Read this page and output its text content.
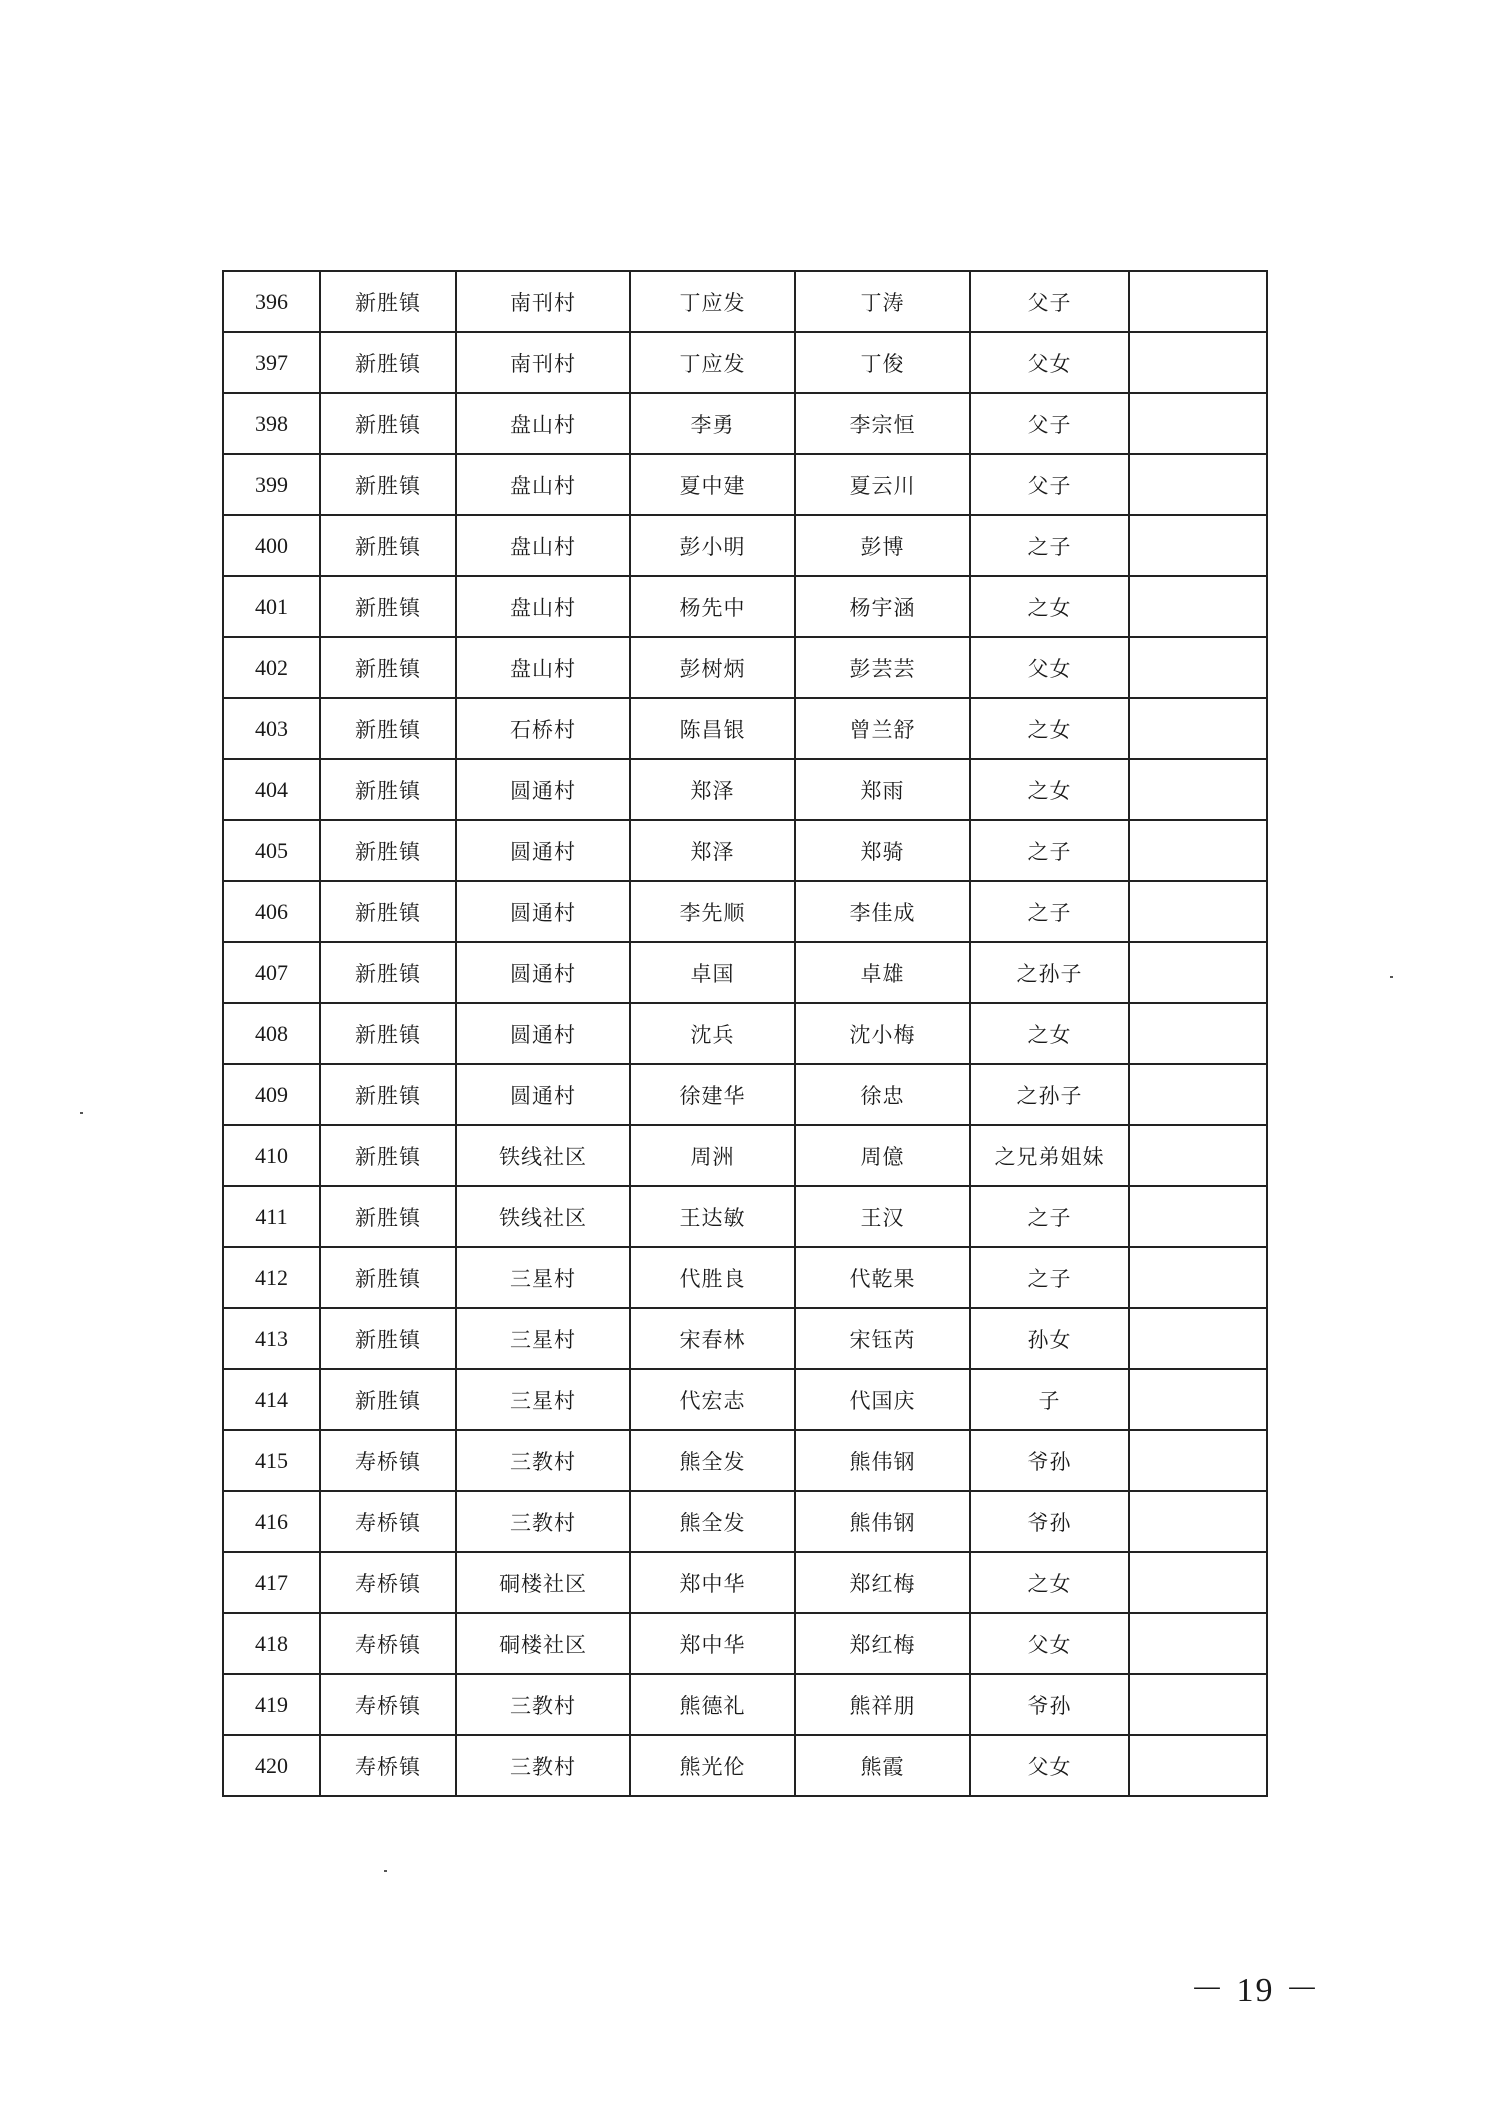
396	新胜镇	南刊村	丁应发	丁涛	父子	
397	新胜镇	南刊村	丁应发	丁俊	父女	
398	新胜镇	盘山村	李勇	李宗恒	父子	
399	新胜镇	盘山村	夏中建	夏云川	父子	
400	新胜镇	盘山村	彭小明	彭博	之子	
401	新胜镇	盘山村	杨先中	杨宇涵	之女	
402	新胜镇	盘山村	彭树炳	彭芸芸	父女	
403	新胜镇	石桥村	陈昌银	曾兰舒	之女	
404	新胜镇	圆通村	郑泽	郑雨	之女	
405	新胜镇	圆通村	郑泽	郑骑	之子	
406	新胜镇	圆通村	李先顺	李佳成	之子	
407	新胜镇	圆通村	卓国	卓雄	之孙子	
408	新胜镇	圆通村	沈兵	沈小梅	之女	
409	新胜镇	圆通村	徐建华	徐忠	之孙子	
410	新胜镇	铁线社区	周洲	周億	之兄弟姐妹	
411	新胜镇	铁线社区	王达敏	王汉	之子	
412	新胜镇	三星村	代胜良	代乾果	之子	
413	新胜镇	三星村	宋春林	宋钰芮	孙女	
414	新胜镇	三星村	代宏志	代国庆	子	
415	寿桥镇	三教村	熊全发	熊伟钢	爷孙	
416	寿桥镇	三教村	熊全发	熊伟钢	爷孙	
417	寿桥镇	硐楼社区	郑中华	郑红梅	之女	
418	寿桥镇	硐楼社区	郑中华	郑红梅	父女	
419	寿桥镇	三教村	熊德礼	熊祥朋	爷孙	
420	寿桥镇	三教村	熊光伦	熊霞	父女	
－ 19 －
